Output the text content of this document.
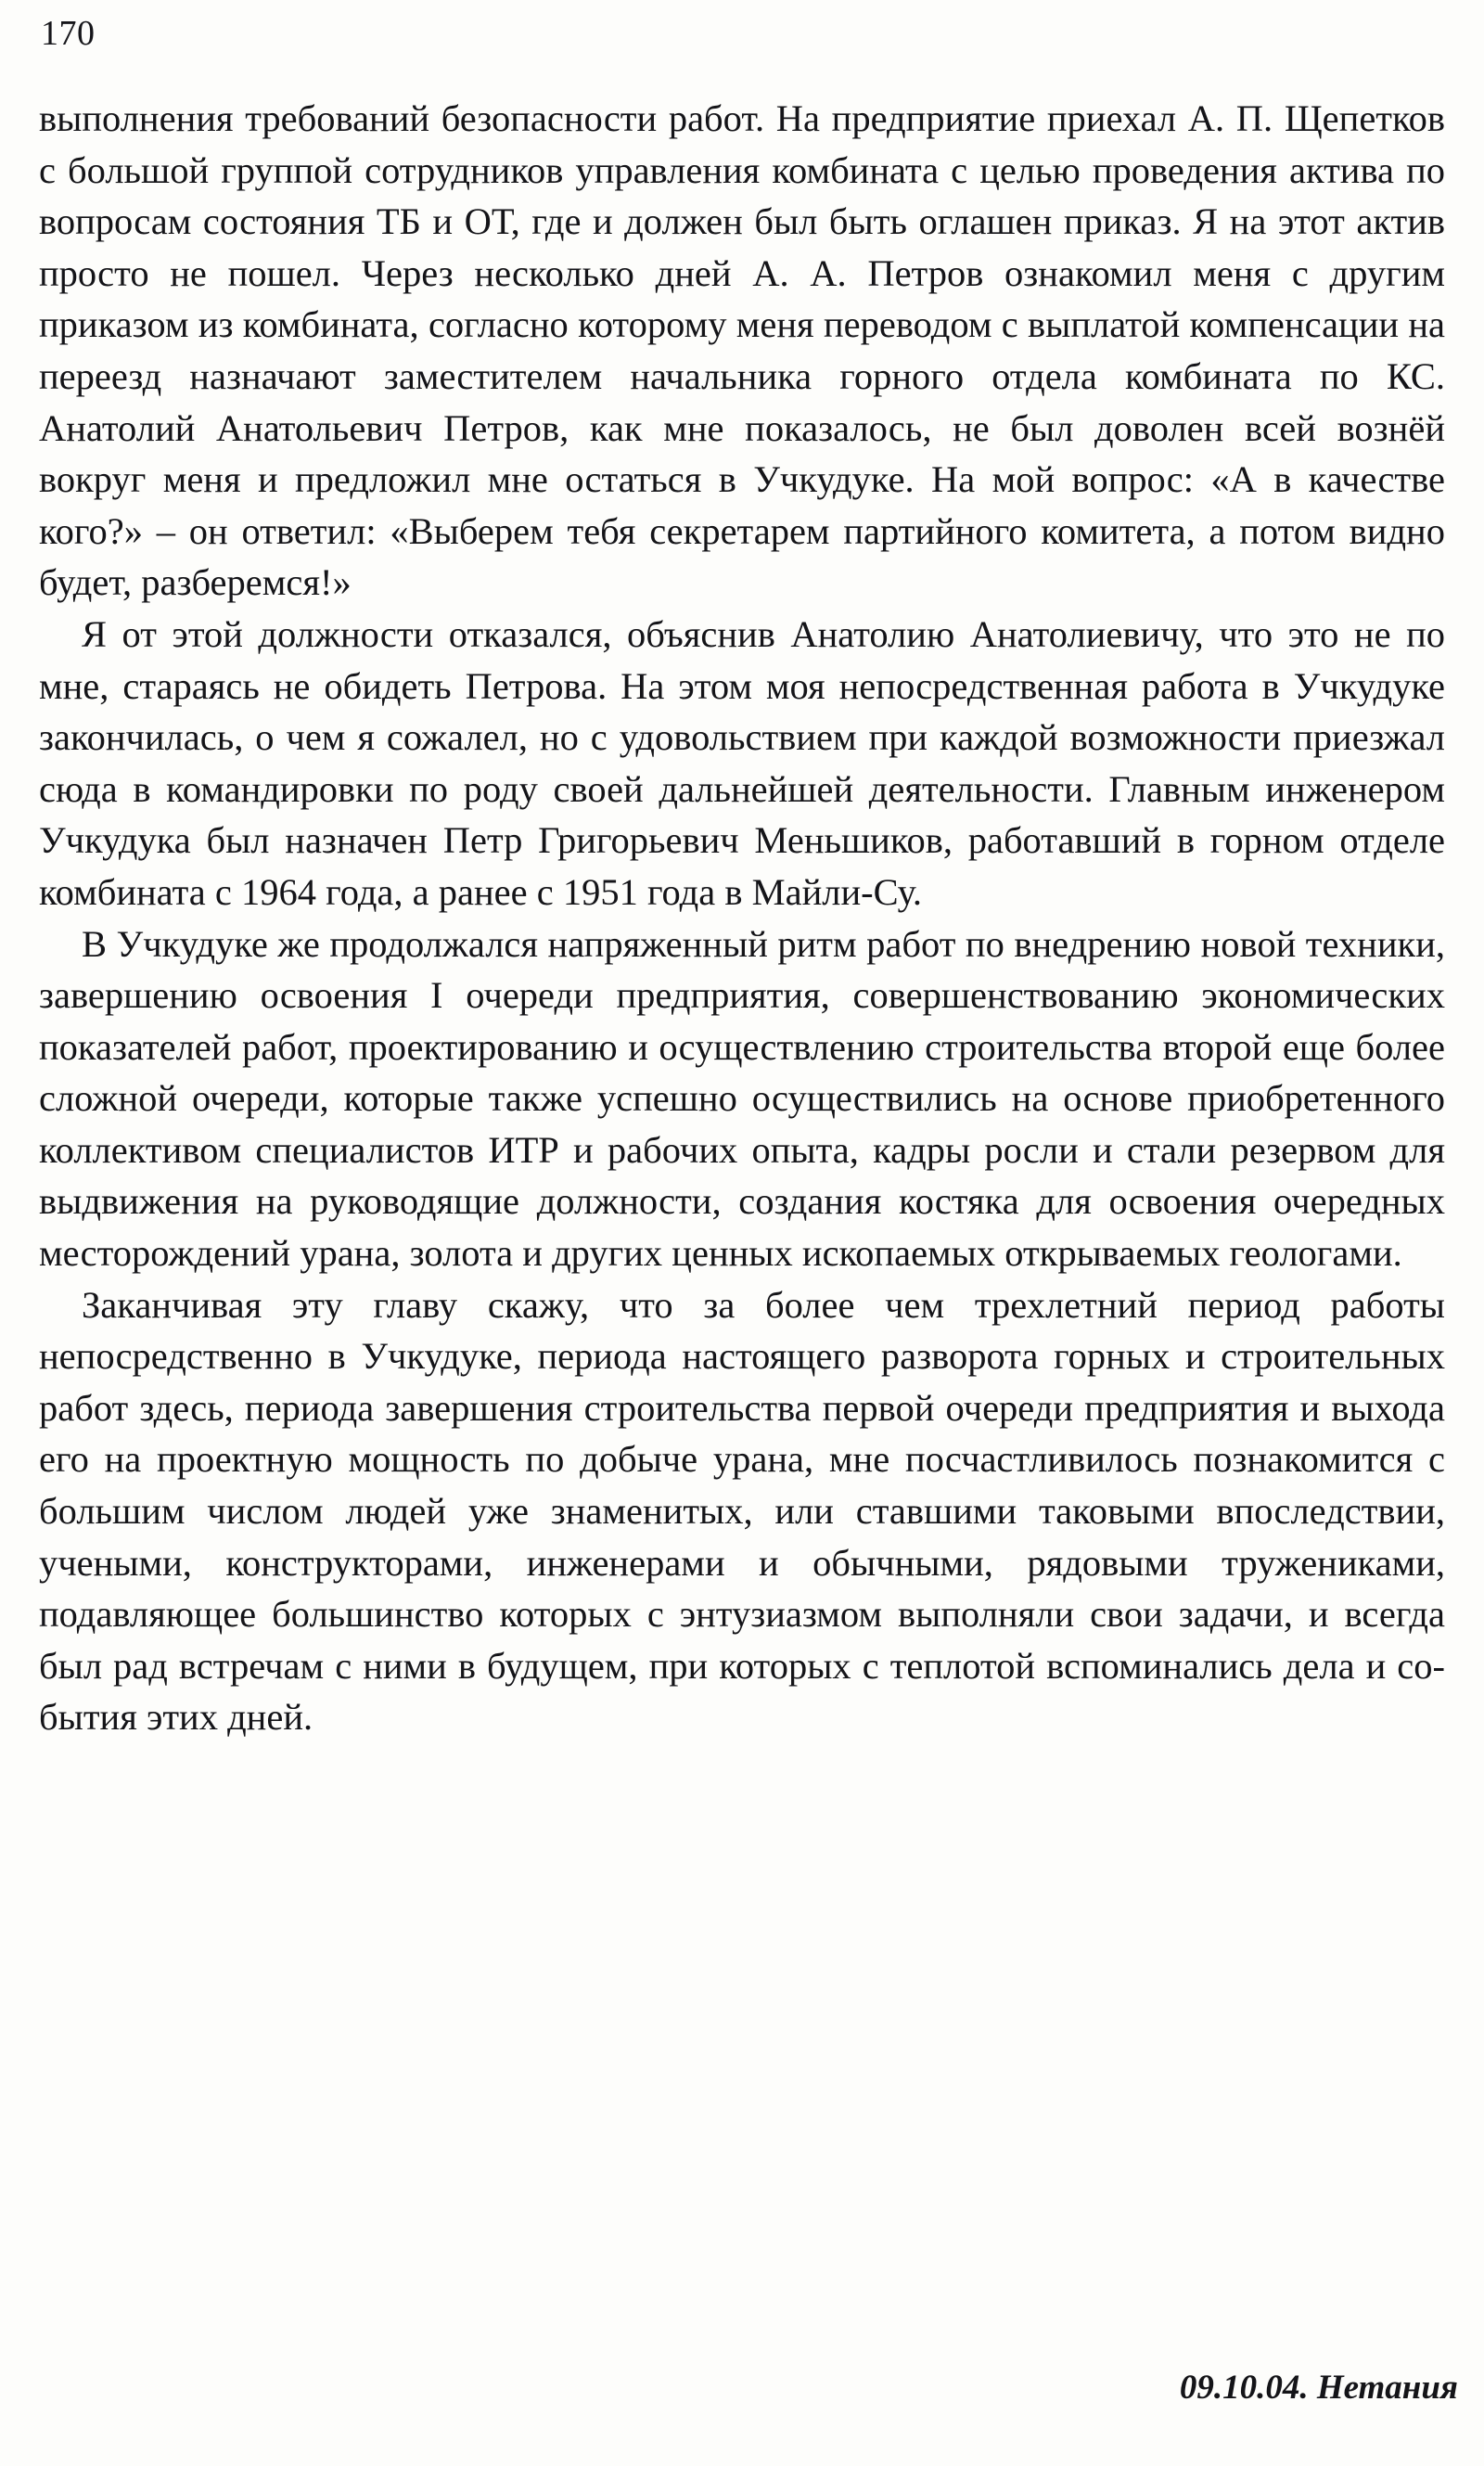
170

выполнения требований безопасности работ. На предприятие приехал А. П. Щепетков с большой группой сотрудников управления комбината с целью проведения актива по вопросам состояния ТБ и ОТ, где и должен был быть оглашен приказ. Я на этот актив просто не пошел. Через несколько дней А. А. Петров ознакомил меня с другим приказом из комбината, согласно которому меня переводом с выплатой компенсации на переезд назначают заместителем начальника горного отдела комбината по КС. Анатолий Анатольевич Петров, как мне показалось, не был доволен всей вознёй вокруг меня и предложил мне остаться в Учкудуке. На мой вопрос: «А в качестве кого?» – он ответил: «Выберем тебя секретарем партийного комитета, а потом видно будет, разберемся!»

Я от этой должности отказался, объяснив Анатолию Анатолиевичу, что это не по мне, стараясь не обидеть Петрова. На этом моя непосредственная работа в Учкудуке закончилась, о чем я сожалел, но с удовольствием при каждой возможности приезжал сюда в командировки по роду своей дальнейшей деятельности. Главным инженером Учкудука был назначен Петр Григорьевич Меньшиков, работавший в горном отделе комбината с 1964 года, а ранее с 1951 года в Майли-Су.

В Учкудуке же продолжался напряженный ритм работ по внедрению новой техники, завершению освоения I очереди предприятия, совершенствованию экономических показателей работ, проектированию и осуществлению строительства второй еще более сложной очереди, которые также успешно осуществились на основе приобретенного коллективом специалистов ИТР и рабочих опыта, кадры росли и стали резервом для выдвижения на руководящие должности, создания костяка для освоения очередных месторождений урана, золота и других ценных ископаемых открываемых геологами.

Заканчивая эту главу скажу, что за более чем трехлетний период работы непосредственно в Учкудуке, периода настоящего разворота горных и строительных работ здесь, периода завершения строительства первой очереди предприятия и выхода его на проектную мощность по добыче урана, мне посчастливилось познакомится с большим числом людей уже знаменитых, или ставшими таковыми впоследствии, учеными, конструкторами, инженерами и обычными, рядовыми тружениками, подавляющее большинство которых с энтузиазмом выполняли свои задачи, и всегда был рад встречам с ними в будущем, при которых с теплотой вспоминались дела и события этих дней.

09.10.04. Нетания
